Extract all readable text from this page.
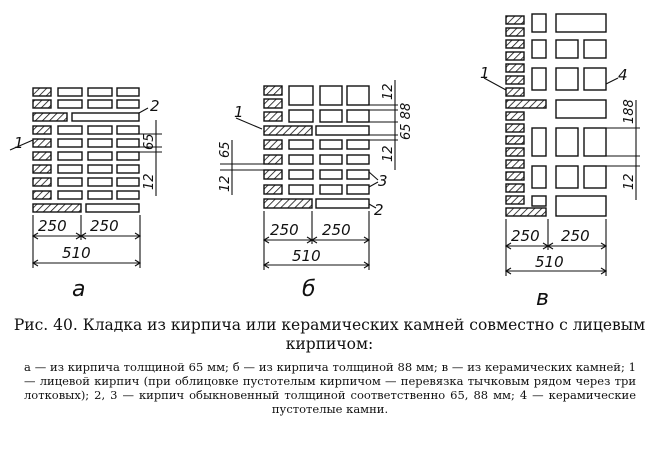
250 250
510
а
1
2
65
12
250 250
510
б
1
3
2
12
65 88
12
65
12
250 250
510
в
1	4
188
12
Рис. 40. Кладка из кирпича или керамических камней совместно с лицевым кирпичом:
а — из кирпича толщиной 65 мм; б — из кирпича толщиной 88 мм; в — из керамических камней; 1 — лицевой кирпич (при облицовке пустотелым кирпичом — перевязка тычковым рядом через три лотковых); 2, 3 — кирпич обыкновенный толщиной соответственно 65, 88 мм; 4 — керамические пустотелые камни.
